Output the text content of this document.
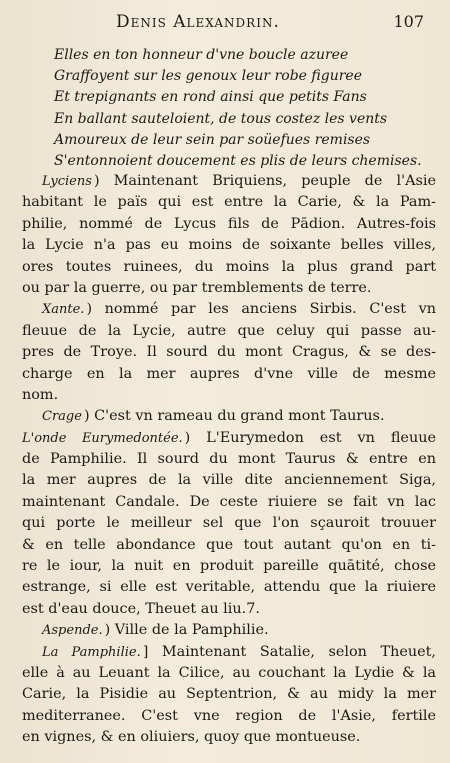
Denis Alexandrin.	107
Elles en ton honneur d'vne boucle azuree
Graffoyent sur les genoux leur robe figuree
Et trepignants en rond ainsi que petits Fans
En ballant sauteloient, de tous costez les vents
Amoureux de leur sein par soüefues remises
S'entonnoient doucement es plis de leurs chemises.
Lyciens ) Maintenant Briquiens, peuple de l'Asie
habitant le païs qui est entre la Carie, & la Pam-
philie, nommé de Lycus fils de Pādion. Autres-fois
la Lycie n'a pas eu moins de soixante belles villes,
ores toutes ruinees, du moins la plus grand part
ou par la guerre, ou par tremblements de terre.
Xante. ) nommé par les anciens Sirbis. C'est vn
fleuue de la Lycie, autre que celuy qui passe au-
pres de Troye. Il sourd du mont Cragus, & se des-
charge en la mer aupres d'vne ville de mesme
nom.
Crage ) C'est vn rameau du grand mont Taurus.
L'onde Eurymedontée. ) L'Eurymedon est vn fleuue
de Pamphilie. Il sourd du mont Taurus & entre en
la mer aupres de la ville dite anciennement Siga,
maintenant Candale. De ceste riuiere se fait vn lac
qui porte le meilleur sel que l'on sçauroit trouuer
& en telle abondance que tout autant qu'on en ti-
re le iour, la nuit en produit pareille quātité, chose
estrange, si elle est veritable, attendu que la riuiere
est d'eau douce, Theuet au liu.7.
Aspende. ) Ville de la Pamphilie.
La Pamphilie. ] Maintenant Satalie, selon Theuet,
elle à au Leuant la Cilice, au couchant la Lydie & la
Carie, la Pisidie au Septentrion, & au midy la mer
mediterranee. C'est vne region de l'Asie, fertile
en vignes, & en oliuiers, quoy que montueuse.
